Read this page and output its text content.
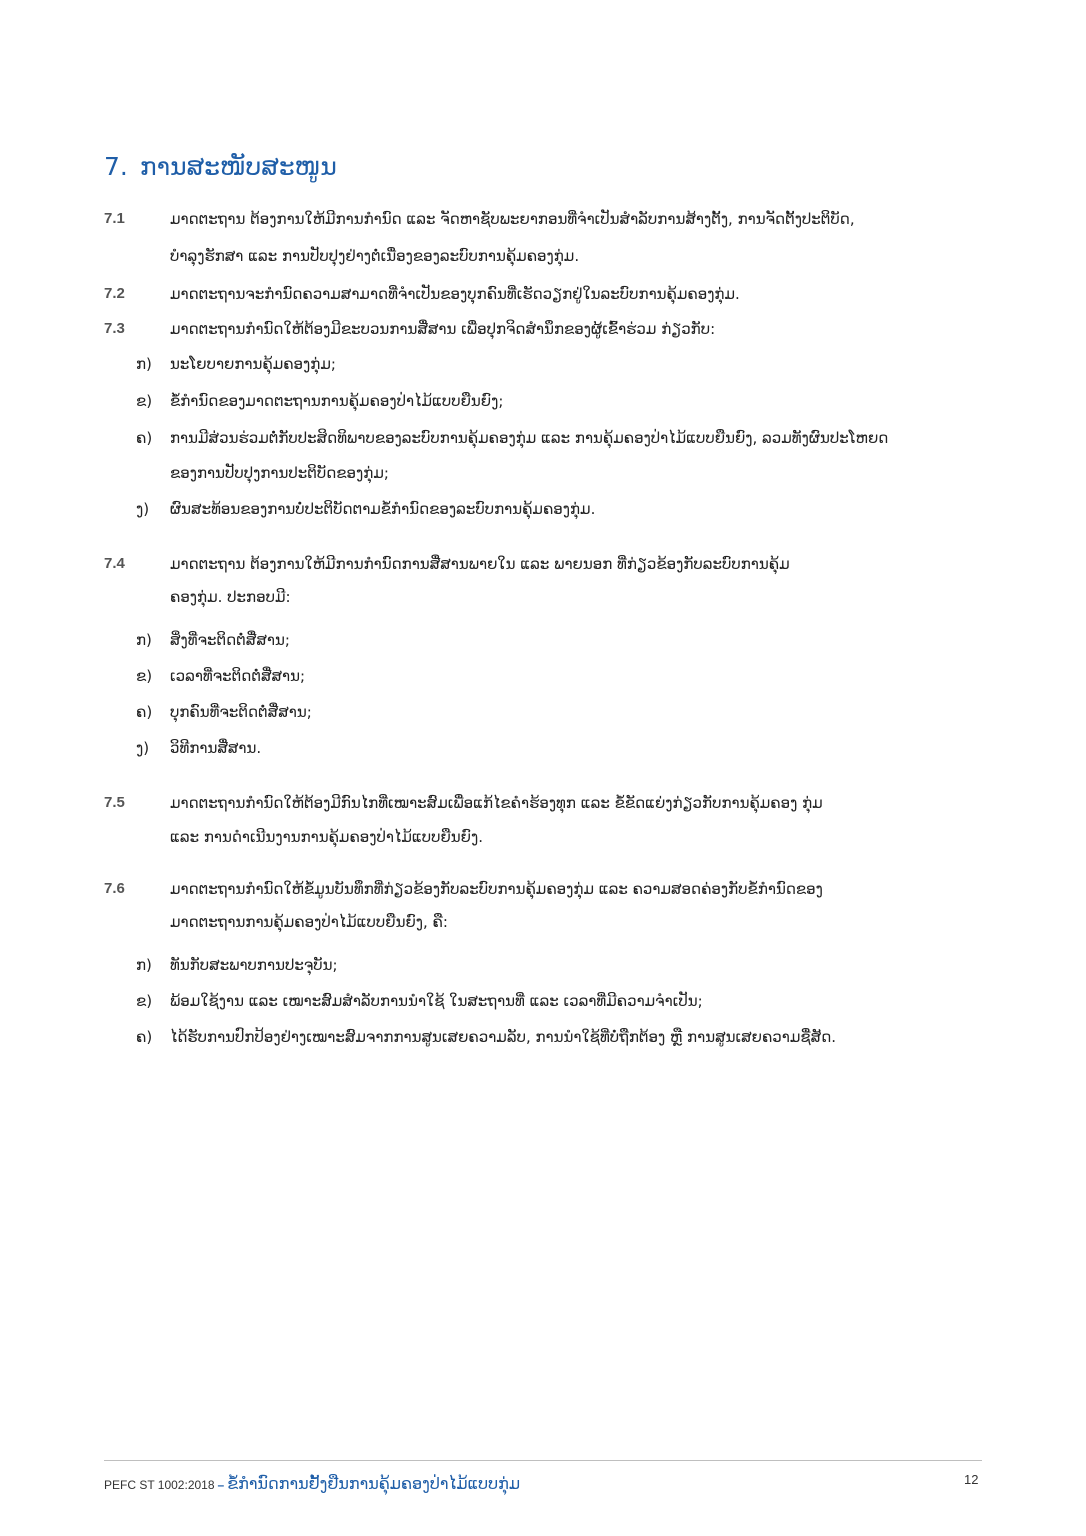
7. ການສະໜັບສະໜູນ
7.1	ມາດຕະຖານ ຕ້ອງການໃຫ້ມີການກຳນົດ ແລະ ຈັດຫາຊັບພະຍາກອນທີ່ຈຳເປັນສຳລັບການສ້າງຕັ້ງ, ການຈັດຕັ້ງປະຕິບັດ,
ບຳລຸງຮັກສາ ແລະ ການປັບປຸງຢ່າງຕໍ່ເນື່ອງຂອງລະບົບການຄຸ້ມຄອງກຸ່ມ.
7.2	ມາດຕະຖານຈະກຳນົດຄວາມສາມາດທີ່ຈຳເປັນຂອງບຸກຄົນທີ່ເຮັດວຽກຢູ່ໃນລະບົບການຄຸ້ມຄອງກຸ່ມ.
7.3	ມາດຕະຖານກຳນົດໃຫ້ຕ້ອງມີຂະບວນການສື່ສານ ເພື່ອປຸກຈິດສຳນຶກຂອງຜູ້ເຂົ້າຮ່ວມ ກ່ຽວກັບ:
ກ) ນະໂຍບາຍການຄຸ້ມຄອງກຸ່ມ;
ຂ) ຂໍ້ກຳນົດຂອງມາດຕະຖານການຄຸ້ມຄອງປ່າໄມ້ແບບຍືນຍົງ;
ຄ) ການມີສ່ວນຮ່ວມຕໍ່ກັບປະສິດທິພາບຂອງລະບົບການຄຸ້ມຄອງກຸ່ມ ແລະ ການຄຸ້ມຄອງປ່າໄມ້ແບບຍືນຍົງ, ລວມທັງຜົນປະໂຫຍດ
ຂອງການປັບປຸງການປະຕິບັດຂອງກຸ່ມ;
ງ) ຜົນສະທ້ອນຂອງການບໍ່ປະຕິບັດຕາມຂໍ້ກຳນົດຂອງລະບົບການຄຸ້ມຄອງກຸ່ມ.
7.4	ມາດຕະຖານ ຕ້ອງການໃຫ້ມີການກຳນົດການສື່ສານພາຍໃນ ແລະ ພາຍນອກ ທີ່ກ່ຽວຂ້ອງກັບລະບົບການຄຸ້ມ
ຄອງກຸ່ມ. ປະກອບມີ:
ກ) ສິ່ງທີ່ຈະຕິດຕໍ່ສື່ສານ;
ຂ) ເວລາທີ່ຈະຕິດຕໍ່ສື່ສານ;
ຄ) ບຸກຄົນທີ່ຈະຕິດຕໍ່ສື່ສານ;
ງ) ວິທີການສື່ສານ.
7.5	ມາດຕະຖານກຳນົດໃຫ້ຕ້ອງມີກົນໄກທີ່ເໝາະສົມເພື່ອແກ້ໄຂຄຳຮ້ອງທຸກ ແລະ ຂໍ້ຂັດແຍ່ງກ່ຽວກັບການຄຸ້ມຄອງ ກຸ່ມ
ແລະ ການດຳເນີນງານການຄຸ້ມຄອງປ່າໄມ້ແບບຍືນຍົງ.
7.6	ມາດຕະຖານກຳນົດໃຫ້ຂໍ້ມູນບັນທຶກທີ່ກ່ຽວຂ້ອງກັບລະບົບການຄຸ້ມຄອງກຸ່ມ ແລະ ຄວາມສອດຄ່ອງກັບຂໍ້ກຳນົດຂອງ
ມາດຕະຖານການຄຸ້ມຄອງປ່າໄມ້ແບບຍືນຍົງ, ຄື:
ກ) ທັນກັບສະພາບການປະຈຸບັນ;
ຂ) ພ້ອມໃຊ້ງານ ແລະ ເໝາະສົມສຳລັບການນຳໃຊ້ ໃນສະຖານທີ່ ແລະ ເວລາທີ່ມີຄວາມຈຳເປັນ;
ຄ) ໄດ້ຮັບການປົກປ້ອງຢ່າງເໝາະສົມຈາກການສູນເສຍຄວາມລັບ, ການນຳໃຊ້ທີ່ບໍ່ຖືກຕ້ອງ ຫຼື ການສູນເສຍຄວາມຊື່ສັດ.
PEFC ST 1002:2018 – ຂໍ້ກຳນົດການຢັ້ງຢືນການຄຸ້ມຄອງປ່າໄມ້ແບບກຸ່ມ	12
